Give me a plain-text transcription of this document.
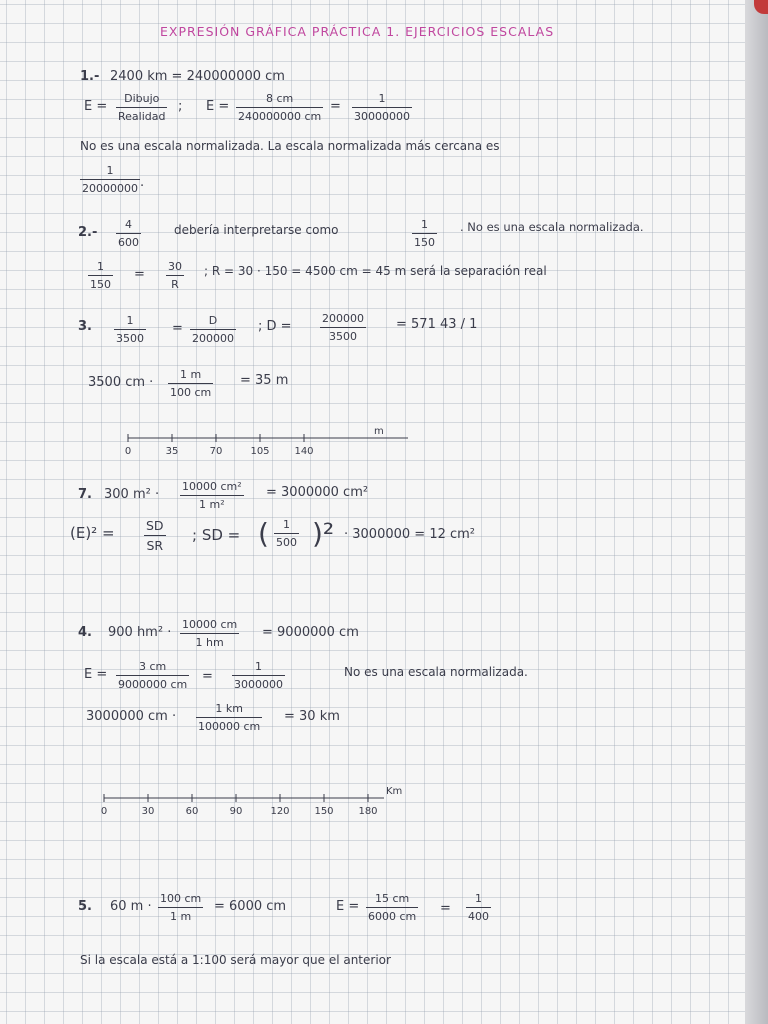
EXPRESIÓN GRÁFICA PRÁCTICA 1. EJERCICIOS ESCALAS
1.- 2400 km = 240000000 cm
E =
Dibujo
Realidad
; E =
8 cm
240000000 cm
=
1
30000000
No es una escala normalizada. La escala normalizada más cercana es
1
20000000 .
2.-
4
600
debería interpretarse como	1
150
. No es una escala normalizada.
1
150
=
30
R
; R = 30 · 150 = 4500 cm = 45 m será la separación real
3.	1
3500
=
D
200000
; D =
200000
3500
= 571 43 / 1
3500 cm ·
1 m
100 cm
= 35 m
0	35	70	105 140
m
7. 300 m² ·
10000 cm²
1 m²
= 3000000 cm²
(E)² =	SD
SR
; SD = ( 1
500 )² · 3000000 = 12 cm²
4. 900 hm² ·
10000 cm
1 hm
= 9000000 cm
E =
3 cm
9000000 cm
=
1
3000000
No es una escala normalizada.
3000000 cm ·
1 km
100000 cm
= 30 km
0	30	60	90	120 150 180
Km
5. 60 m ·
100 cm
1 m
= 6000 cm	E =
15 cm
6000 cm
=
1
400
Si la escala está a 1:100 será mayor que el anterior
